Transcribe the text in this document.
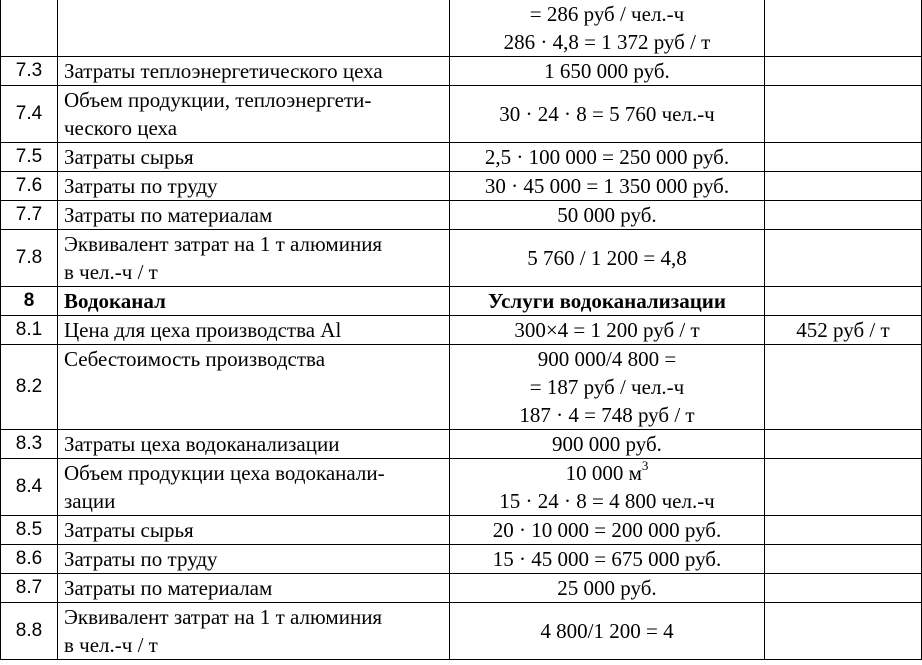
		= 286 руб / чел.-ч
286 · 4,8 = 1 372 руб / т	

7.3	Затраты теплоэнергетического цеха	1 650 000 руб.	

7.4	Объем продукции, теплоэнергети-
ческого цеха	30 · 24 · 8 = 5 760 чел.-ч	

7.5	Затраты сырья	2,5 · 100 000 = 250 000 руб.	

7.6	Затраты по труду	30 · 45 000 = 1 350 000 руб.	

7.7	Затраты по материалам	50 000 руб.	

7.8	Эквивалент затрат на 1 т алюминия
в чел.-ч / т	5 760 / 1 200 = 4,8	

8	Водоканал	Услуги водоканализации	

8.1	Цена для цеха производства Al	300×4 = 1 200 руб / т	452 руб / т
8.2	Себестоимость производства	900 000/4 800 =
= 187 руб / чел.-ч
187 · 4 = 748 руб / т	

8.3	Затраты цеха водоканализации	900 000 руб.	

8.4	Объем продукции цеха водоканали-
зации	10 000 $м^3$
15 · 24 · 8 = 4 800 чел.-ч	

8.5	Затраты сырья	20 · 10 000 = 200 000 руб.	

8.6	Затраты по труду	15 · 45 000 = 675 000 руб.	

8.7	Затраты по материалам	25 000 руб.	

8.8	Эквивалент затрат на 1 т алюминия
в чел.-ч / т	4 800/1 200 = 4	
